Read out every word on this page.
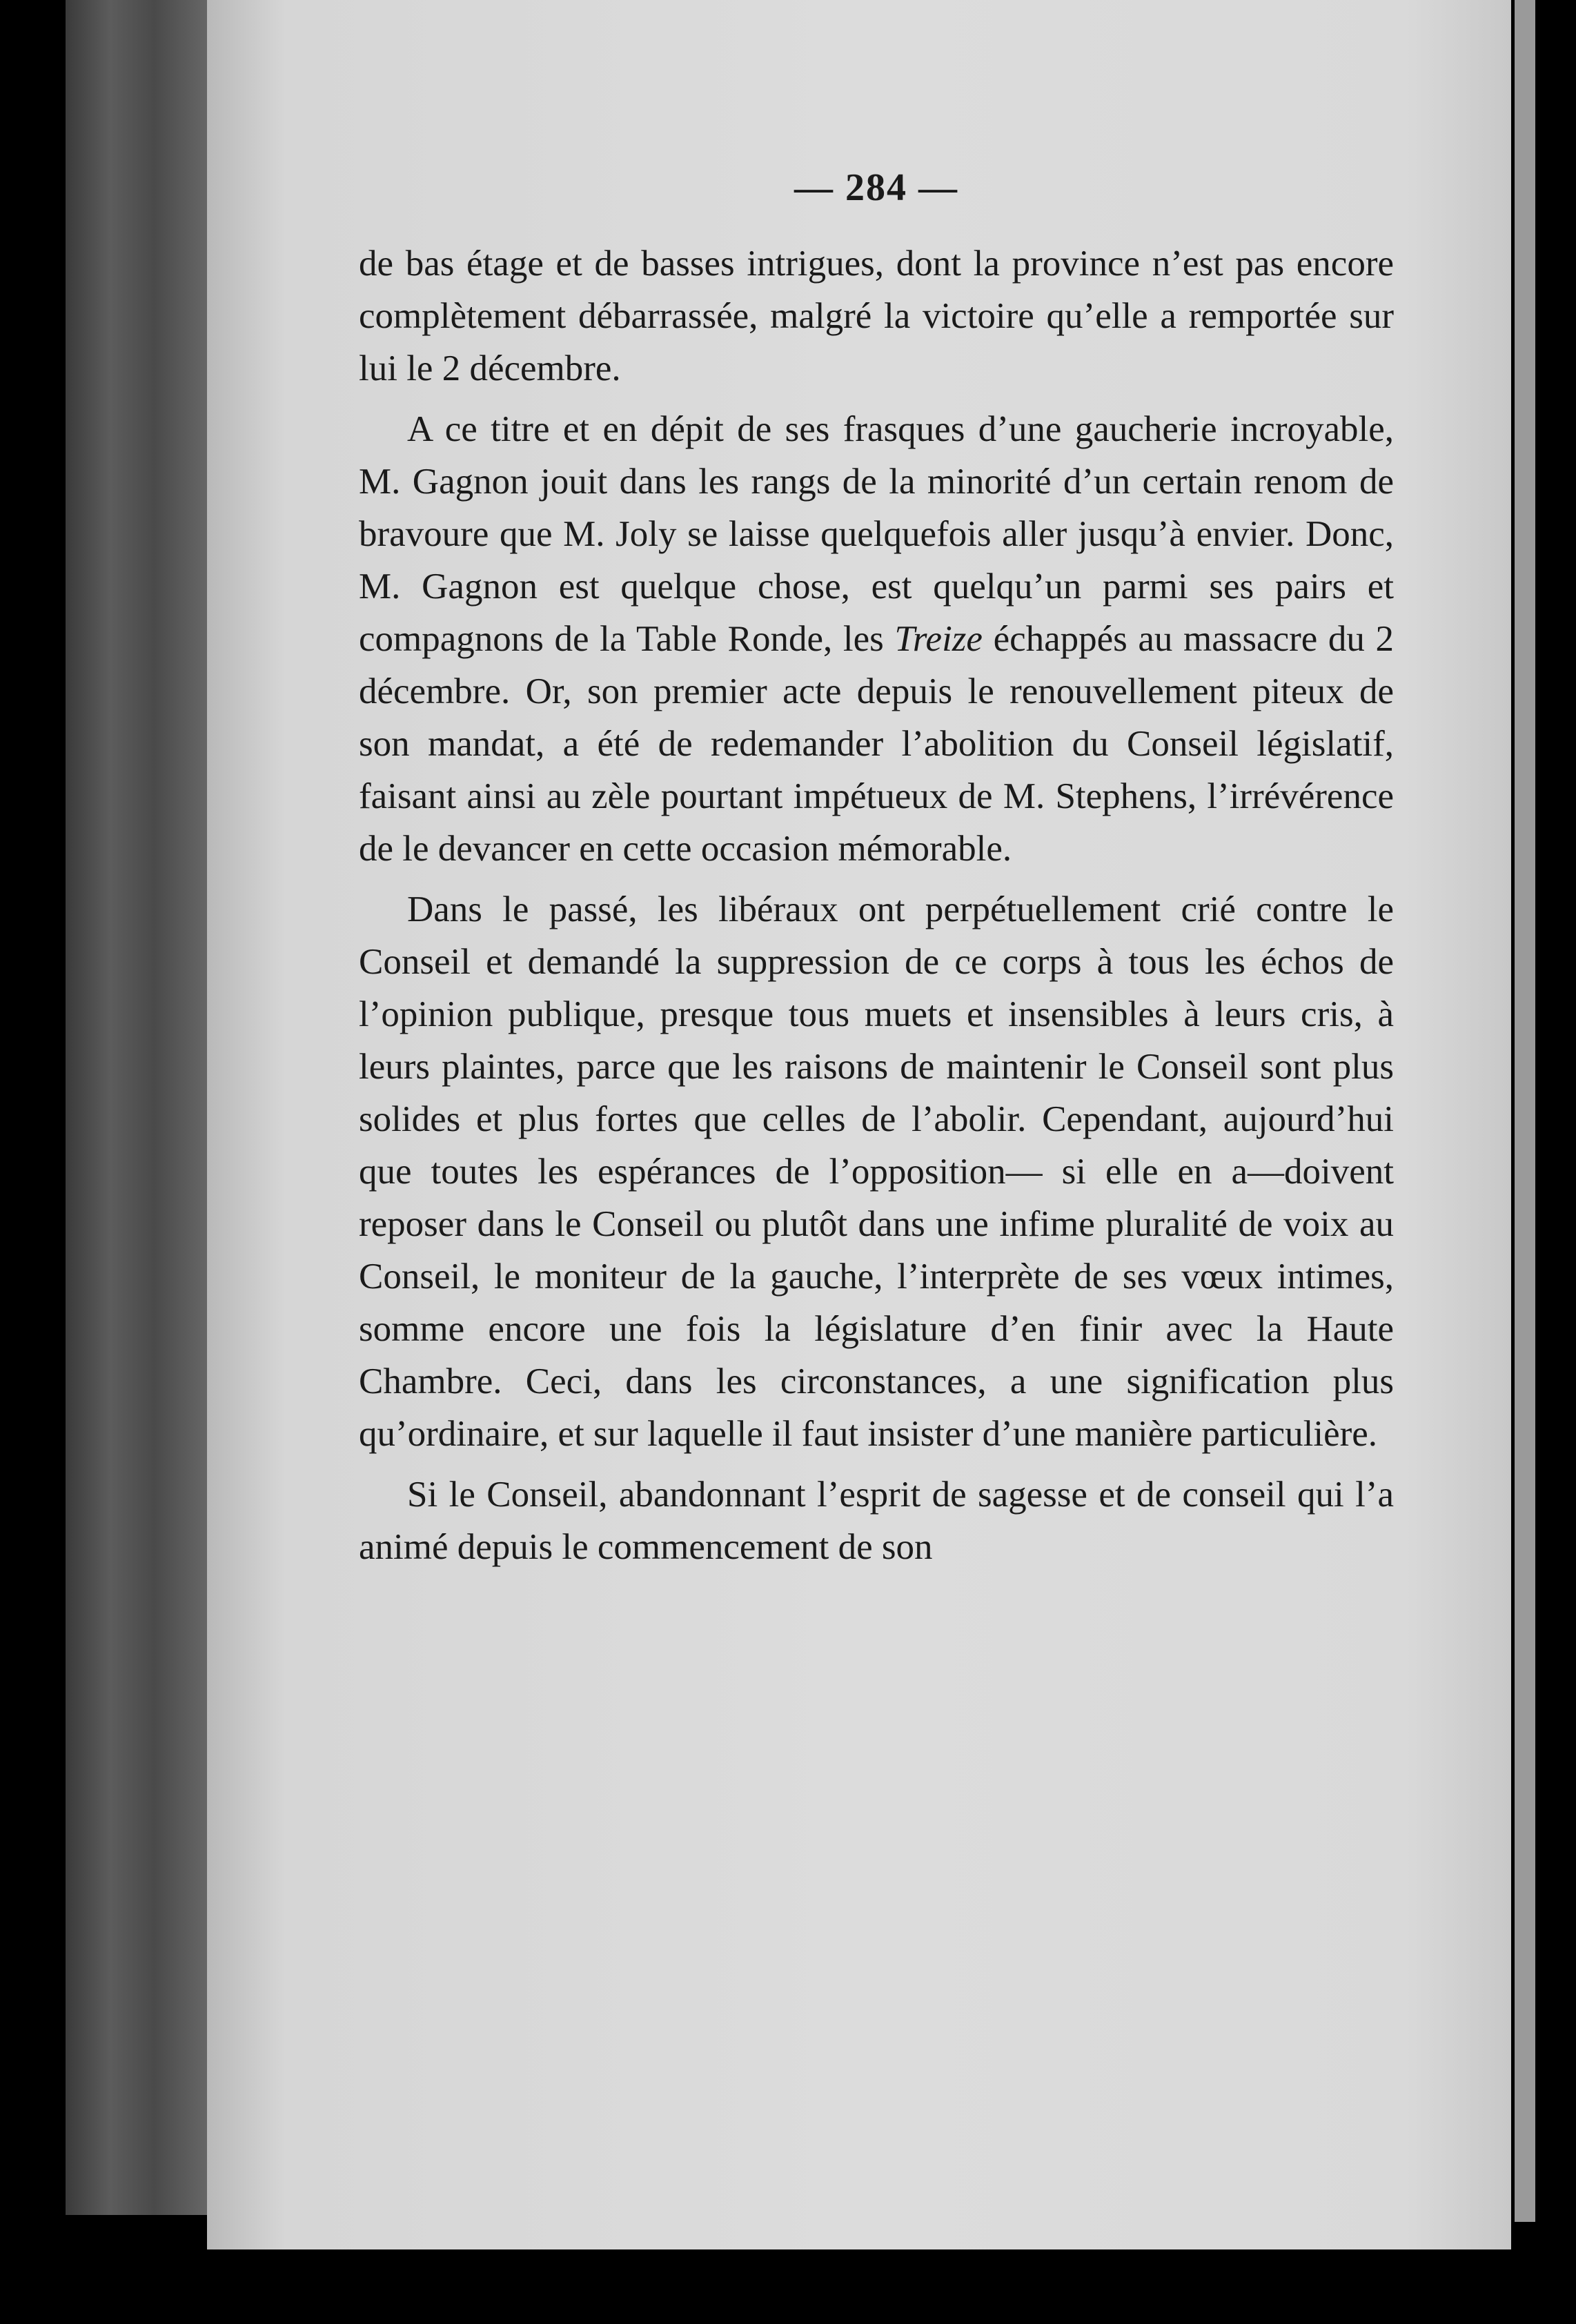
— 284 —

de bas étage et de basses intrigues, dont la province n’est pas encore complètement débarrassée, malgré la victoire qu’elle a remportée sur lui le 2 décembre.

A ce titre et en dépit de ses frasques d’une gaucherie incroyable, M. Gagnon jouit dans les rangs de la minorité d’un certain renom de bravoure que M. Joly se laisse quelquefois aller jusqu’à envier. Donc, M. Gagnon est quelque chose, est quelqu’un parmi ses pairs et compagnons de la Table Ronde, les Treize échappés au massacre du 2 décembre. Or, son premier acte depuis le renouvellement piteux de son mandat, a été de redemander l’abolition du Conseil législatif, faisant ainsi au zèle pourtant impétueux de M. Stephens, l’irrévérence de le devancer en cette occasion mémorable.

Dans le passé, les libéraux ont perpétuellement crié contre le Conseil et demandé la suppression de ce corps à tous les échos de l’opinion publique, presque tous muets et insensibles à leurs cris, à leurs plaintes, parce que les raisons de maintenir le Conseil sont plus solides et plus fortes que celles de l’abolir. Cependant, aujourd’hui que toutes les espérances de l’opposition— si elle en a—doivent reposer dans le Conseil ou plutôt dans une infime pluralité de voix au Conseil, le moniteur de la gauche, l’interprète de ses vœux intimes, somme encore une fois la législature d’en finir avec la Haute Chambre. Ceci, dans les circonstances, a une signification plus qu’ordinaire, et sur laquelle il faut insister d’une manière particulière.

Si le Conseil, abandonnant l’esprit de sagesse et de conseil qui l’a animé depuis le commencement de son
